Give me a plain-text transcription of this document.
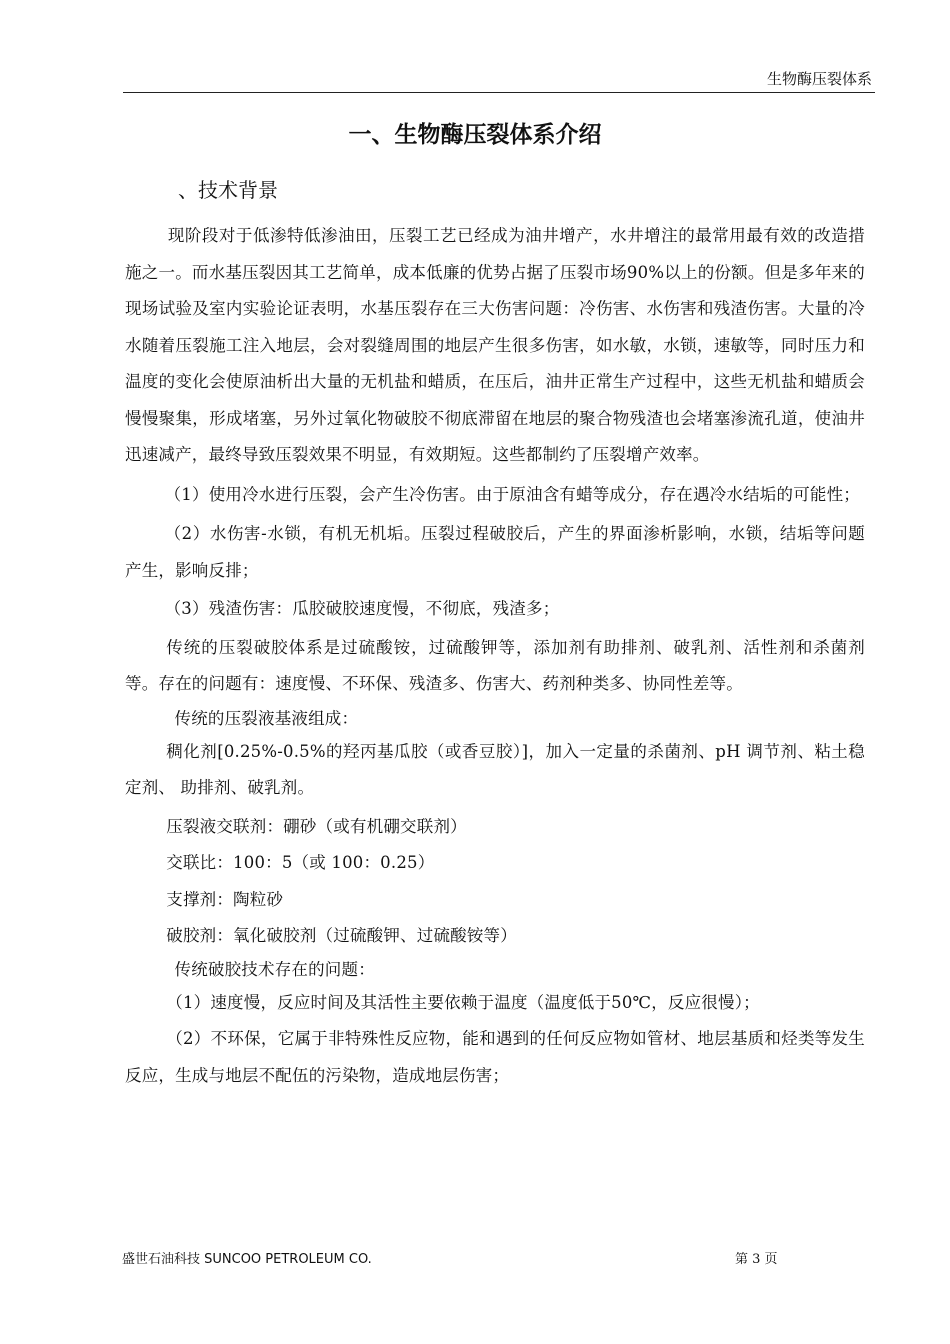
生物酶压裂体系
一、生物酶压裂体系介绍
、技术背景

现阶段对于低渗特低渗油田，压裂工艺已经成为油井增产，水井增注的最常用最有效的改造措施之一。而水基压裂因其工艺简单，成本低廉的优势占据了压裂市场90%以上的份额。但是多年来的现场试验及室内实验论证表明，水基压裂存在三大伤害问题：冷伤害、水伤害和残渣伤害。大量的冷水随着压裂施工注入地层，会对裂缝周围的地层产生很多伤害，如水敏，水锁，速敏等，同时压力和温度的变化会使原油析出大量的无机盐和蜡质，在压后，油井正常生产过程中，这些无机盐和蜡质会慢慢聚集，形成堵塞，另外过氧化物破胶不彻底滞留在地层的聚合物残渣也会堵塞渗流孔道，使油井迅速减产，最终导致压裂效果不明显，有效期短。这些都制约了压裂增产效率。

（1）使用冷水进行压裂，会产生冷伤害。由于原油含有蜡等成分，存在遇冷水结垢的可能性；

（2）水伤害-水锁，有机无机垢。压裂过程破胶后，产生的界面渗析影响，水锁，结垢等问题产生，影响反排；

（3）残渣伤害：瓜胶破胶速度慢，不彻底，残渣多；

传统的压裂破胶体系是过硫酸铵，过硫酸钾等，添加剂有助排剂、破乳剂、活性剂和杀菌剂等。存在的问题有：速度慢、不环保、残渣多、伤害大、药剂种类多、协同性差等。

传统的压裂液基液组成：

稠化剂[0.25%-0.5%的羟丙基瓜胶（或香豆胶）]，加入一定量的杀菌剂、pH 调节剂、粘土稳定剂、 助排剂、破乳剂。

压裂液交联剂：硼砂（或有机硼交联剂）

交联比：100：5（或 100：0.25）

支撑剂：陶粒砂

破胶剂：氧化破胶剂（过硫酸钾、过硫酸铵等）

传统破胶技术存在的问题：

（1）速度慢，反应时间及其活性主要依赖于温度（温度低于50℃，反应很慢）；

（2）不环保，它属于非特殊性反应物，能和遇到的任何反应物如管材、地层基质和烃类等发生反应，生成与地层不配伍的污染物，造成地层伤害；

盛世石油科技 SUNCOO PETROLEUM CO.	第 3 页
